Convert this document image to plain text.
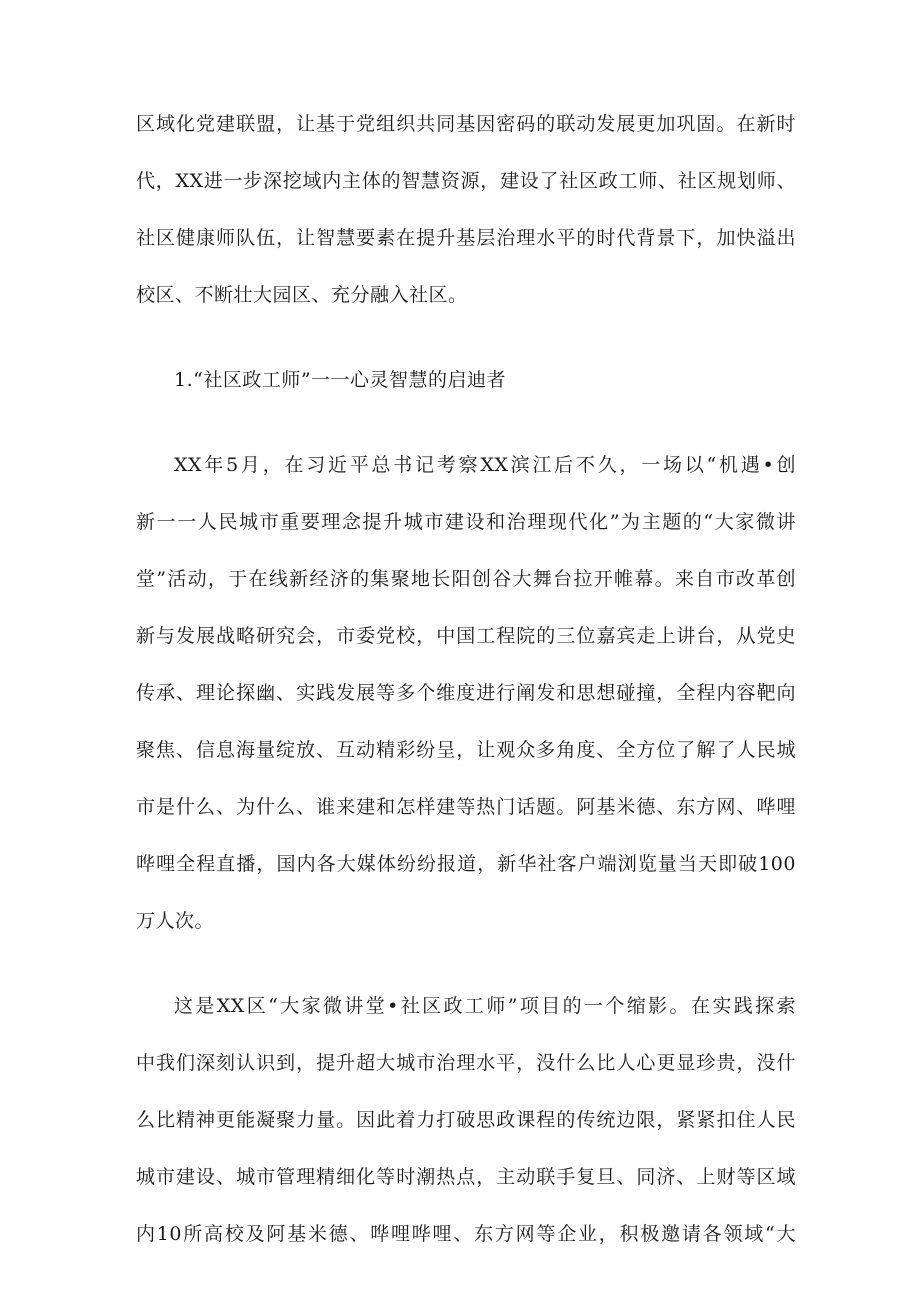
区域化党建联盟，让基于党组织共同基因密码的联动发展更加巩固。在新时
代，XX进一步深挖域内主体的智慧资源，建设了社区政工师、社区规划师、
社区健康师队伍，让智慧要素在提升基层治理水平的时代背景下，加快溢出
校区、不断壮大园区、充分融入社区。
1.“社区政工师”一一心灵智慧的启迪者
XX年5月，在习近平总书记考察XX滨江后不久，一场以“机遇•创
新一一人民城市重要理念提升城市建设和治理现代化”为主题的“大家微讲
堂”活动，于在线新经济的集聚地长阳创谷大舞台拉开帷幕。来自市改革创
新与发展战略研究会，市委党校，中国工程院的三位嘉宾走上讲台，从党史
传承、理论探幽、实践发展等多个维度进行阐发和思想碰撞，全程内容靶向
聚焦、信息海量绽放、互动精彩纷呈，让观众多角度、全方位了解了人民城
市是什么、为什么、谁来建和怎样建等热门话题。阿基米德、东方网、哗哩
哗哩全程直播，国内各大媒体纷纷报道，新华社客户端浏览量当天即破100
万人次。
这是XX区“大家微讲堂•社区政工师”项目的一个缩影。在实践探索
中我们深刻认识到，提升超大城市治理水平，没什么比人心更显珍贵，没什
么比精神更能凝聚力量。因此着力打破思政课程的传统边限，紧紧扣住人民
城市建设、城市管理精细化等时潮热点，主动联手复旦、同济、上财等区域
内10所高校及阿基米德、哗哩哗哩、东方网等企业，积极邀请各领域“大
